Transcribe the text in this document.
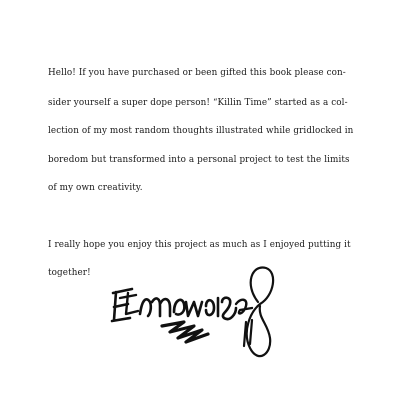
Hello! If you have purchased or been gifted this book please con-

sider yourself a super dope person! “Killin Time” started as a col-

lection of my most random thoughts illustrated while gridlocked in

boredom but transformed into a personal project to test the limits

of my own creativity.

I really hope you enjoy this project as much as I enjoyed putting it

together!
